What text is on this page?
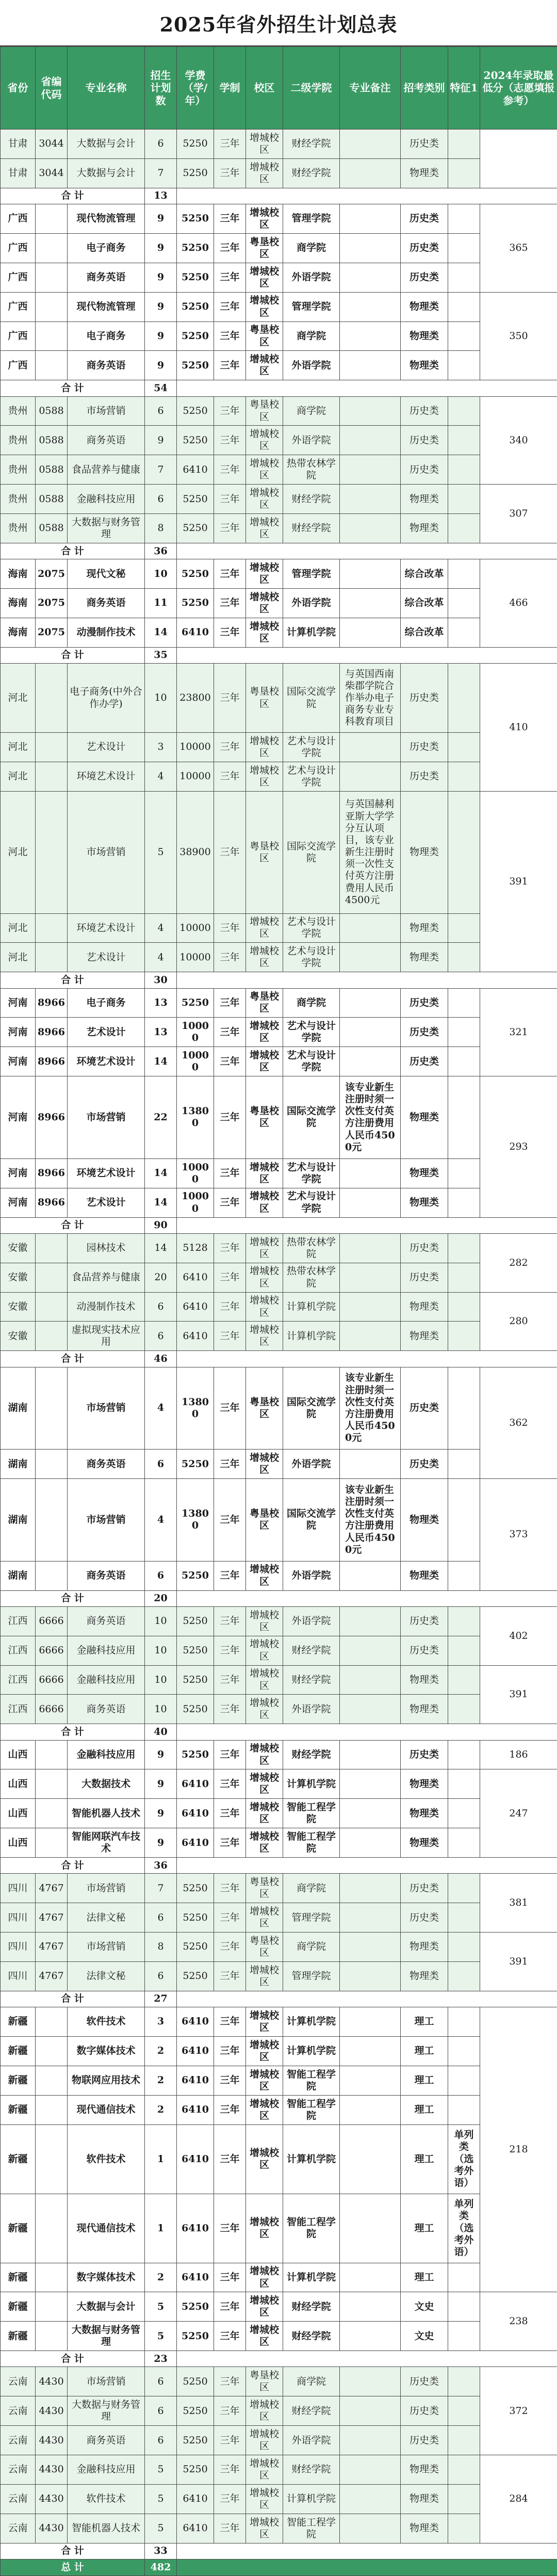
2025年省外招生计划总表
省份	省编代码	专业名称	招生计划数	学费（学/年）	学制	校区	二级学院	专业备注	招考类别	特征1	2024年录取最低分（志愿填报参考）
甘肃	3044	大数据与会计	6	5250	三年	增城校区	财经学院		历史类		
甘肃	3044	大数据与会计	7	5250	三年	增城校区	财经学院		物理类		
合 计			13								
广西		现代物流管理	9	5250	三年	增城校区	管理学院		历史类		365
广西		电子商务	9	5250	三年	粤垦校区	商学院		历史类		
广西		商务英语	9	5250	三年	增城校区	外语学院		历史类		
广西		现代物流管理	9	5250	三年	增城校区	管理学院		物理类		350
广西		电子商务	9	5250	三年	粤垦校区	商学院		物理类		
广西		商务英语	9	5250	三年	增城校区	外语学院		物理类		
合 计			54								
贵州	0588	市场营销	6	5250	三年	粤垦校区	商学院		历史类		340
贵州	0588	商务英语	9	5250	三年	增城校区	外语学院		历史类		
贵州	0588	食品营养与健康	7	6410	三年	增城校区	热带农林学院		历史类		
贵州	0588	金融科技应用	6	5250	三年	增城校区	财经学院		物理类		307
贵州	0588	大数据与财务管理	8	5250	三年	增城校区	财经学院		物理类		
合 计			36								
海南	2075	现代文秘	10	5250	三年	增城校区	管理学院		综合改革		466
海南	2075	商务英语	11	5250	三年	增城校区	外语学院		综合改革		
海南	2075	动漫制作技术	14	6410	三年	增城校区	计算机学院		综合改革		
合 计			35								
河北		电子商务(中外合作办学)	10	23800	三年	粤垦校区	国际交流学院	与英国西南柴郡学院合作举办电子商务专业专科教育项目	历史类		410
河北		艺术设计	3	10000	三年	增城校区	艺术与设计学院		历史类		
河北		环境艺术设计	4	10000	三年	增城校区	艺术与设计学院		历史类		
河北		市场营销	5	38900	三年	粤垦校区	国际交流学院	与英国赫利亚斯大学学分互认项目，该专业新生注册时须一次性支付英方注册费用人民币4500元	物理类		391
河北		环境艺术设计	4	10000	三年	增城校区	艺术与设计学院		物理类		
河北		艺术设计	4	10000	三年	增城校区	艺术与设计学院		物理类		
合 计			30								
河南	8966	电子商务	13	5250	三年	粤垦校区	商学院		历史类		321
河南	8966	艺术设计	13	10000	三年	增城校区	艺术与设计学院		历史类		
河南	8966	环境艺术设计	14	10000	三年	增城校区	艺术与设计学院		历史类		
河南	8966	市场营销	22	13800	三年	粤垦校区	国际交流学院	该专业新生注册时须一次性支付英方注册费用人民币4500元	物理类		293
河南	8966	环境艺术设计	14	10000	三年	增城校区	艺术与设计学院		物理类		
河南	8966	艺术设计	14	10000	三年	增城校区	艺术与设计学院		物理类		
合 计			90								
安徽		园林技术	14	5128	三年	增城校区	热带农林学院		历史类		282
安徽		食品营养与健康	20	6410	三年	增城校区	热带农林学院		历史类		
安徽		动漫制作技术	6	6410	三年	增城校区	计算机学院		物理类		280
安徽		虚拟现实技术应用	6	6410	三年	增城校区	计算机学院		物理类		
合 计			46								
湖南		市场营销	4	13800	三年	粤垦校区	国际交流学院	该专业新生注册时须一次性支付英方注册费用人民币4500元	历史类		362
湖南		商务英语	6	5250	三年	增城校区	外语学院		历史类		
湖南		市场营销	4	13800	三年	粤垦校区	国际交流学院	该专业新生注册时须一次性支付英方注册费用人民币4500元	物理类		373
湖南		商务英语	6	5250	三年	增城校区	外语学院		物理类		
合 计			20								
江西	6666	商务英语	10	5250	三年	增城校区	外语学院		历史类		402
江西	6666	金融科技应用	10	5250	三年	增城校区	财经学院		历史类		
江西	6666	金融科技应用	10	5250	三年	增城校区	财经学院		物理类		391
江西	6666	商务英语	10	5250	三年	增城校区	外语学院		物理类		
合 计			40								
山西		金融科技应用	9	5250	三年	增城校区	财经学院		历史类		186
山西		大数据技术	9	6410	三年	增城校区	计算机学院		物理类		247
山西		智能机器人技术	9	6410	三年	增城校区	智能工程学院		物理类		
山西		智能网联汽车技术	9	6410	三年	增城校区	智能工程学院		物理类		
合 计			36								
四川	4767	市场营销	7	5250	三年	粤垦校区	商学院		历史类		381
四川	4767	法律文秘	6	5250	三年	增城校区	管理学院		历史类		
四川	4767	市场营销	8	5250	三年	粤垦校区	商学院		物理类		391
四川	4767	法律文秘	6	5250	三年	增城校区	管理学院		物理类		
合 计			27								
新疆		软件技术	3	6410	三年	增城校区	计算机学院		理工		218
新疆		数字媒体技术	2	6410	三年	增城校区	计算机学院		理工		
新疆		物联网应用技术	2	6410	三年	增城校区	智能工程学院		理工		
新疆		现代通信技术	2	6410	三年	增城校区	智能工程学院		理工		
新疆		软件技术	1	6410	三年	增城校区	计算机学院		理工	单列类（选考外语）	
新疆		现代通信技术	1	6410	三年	增城校区	智能工程学院		理工	单列类（选考外语）	
新疆		数字媒体技术	2	6410	三年	增城校区	计算机学院		理工		
新疆		大数据与会计	5	5250	三年	增城校区	财经学院		文史		238
新疆		大数据与财务管理	5	5250	三年	增城校区	财经学院		文史		
合 计			23								
云南	4430	市场营销	6	5250	三年	粤垦校区	商学院		历史类		372
云南	4430	大数据与财务管理	6	5250	三年	增城校区	财经学院		历史类		
云南	4430	商务英语	6	5250	三年	增城校区	外语学院		历史类		
云南	4430	金融科技应用	5	5250	三年	增城校区	财经学院		物理类		284
云南	4430	软件技术	5	6410	三年	增城校区	计算机学院		物理类		
云南	4430	智能机器人技术	5	6410	三年	增城校区	智能工程学院		物理类		
合 计			33								
总 计			482								
